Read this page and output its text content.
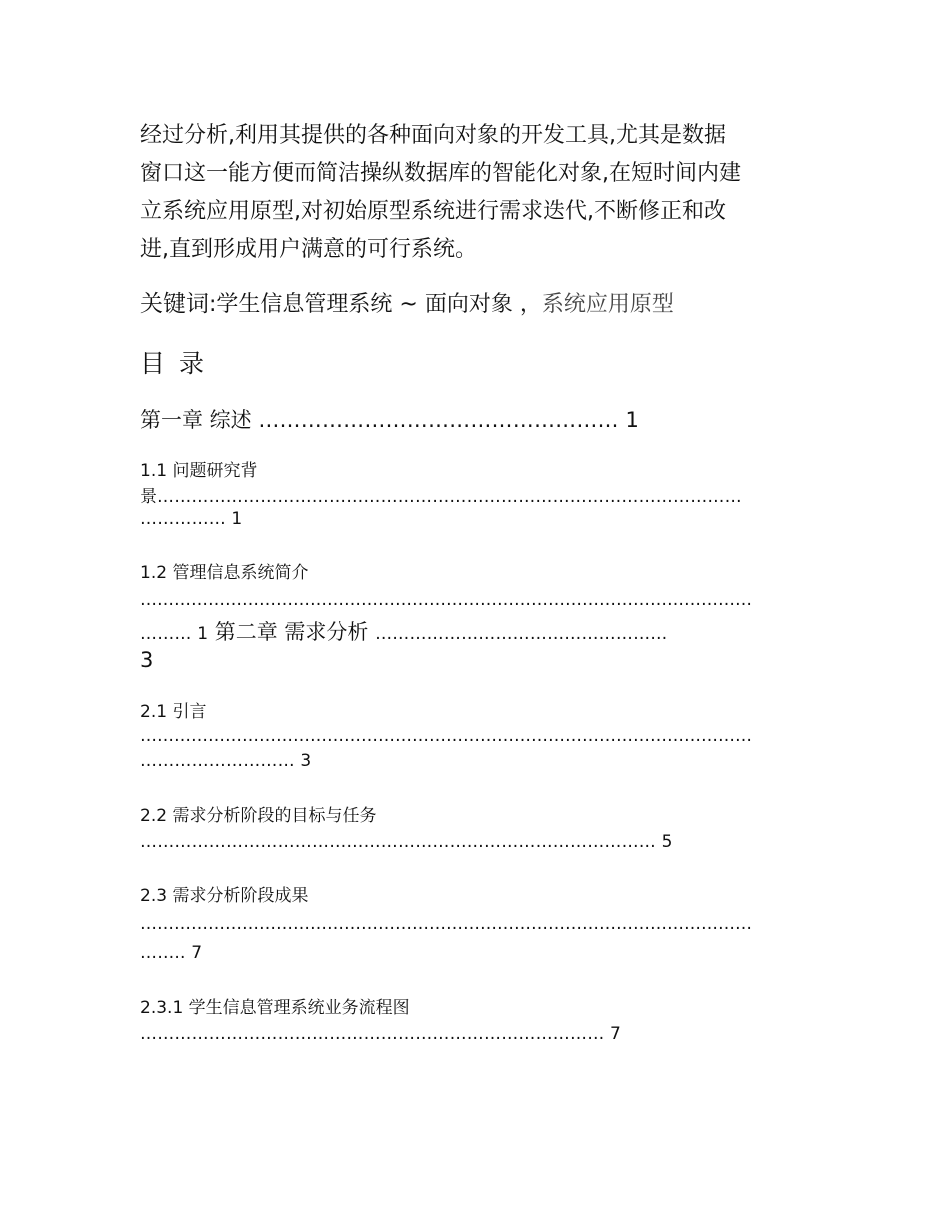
经过分析,利用其提供的各种面向对象的开发工具,尤其是数据
窗口这一能方便而简洁操纵数据库的智能化对象,在短时间内建
立系统应用原型,对初始原型系统进行需求迭代,不断修正和改
进,直到形成用户满意的可行系统。
关键词:学生信息管理系统 ~ 面向对象 ，系统应用原型
目录
第一章 综述 …………………………………………… 1
1.1 问题研究背
景…………………………………………………………………………………………
…………… 1
1.2 管理信息系统简介
………………………………………………………………………………………………
……… 1 第二章 需求分析 ……………………………………………
3
2.1 引言
………………………………………………………………………………………………
……………………… 3
2.2 需求分析阶段的目标与任务
……………………………………………………………………………… 5
2.3 需求分析阶段成果
………………………………………………………………………………………………
…….. 7
2.3.1 学生信息管理系统业务流程图
……………………………………………………………………… 7
